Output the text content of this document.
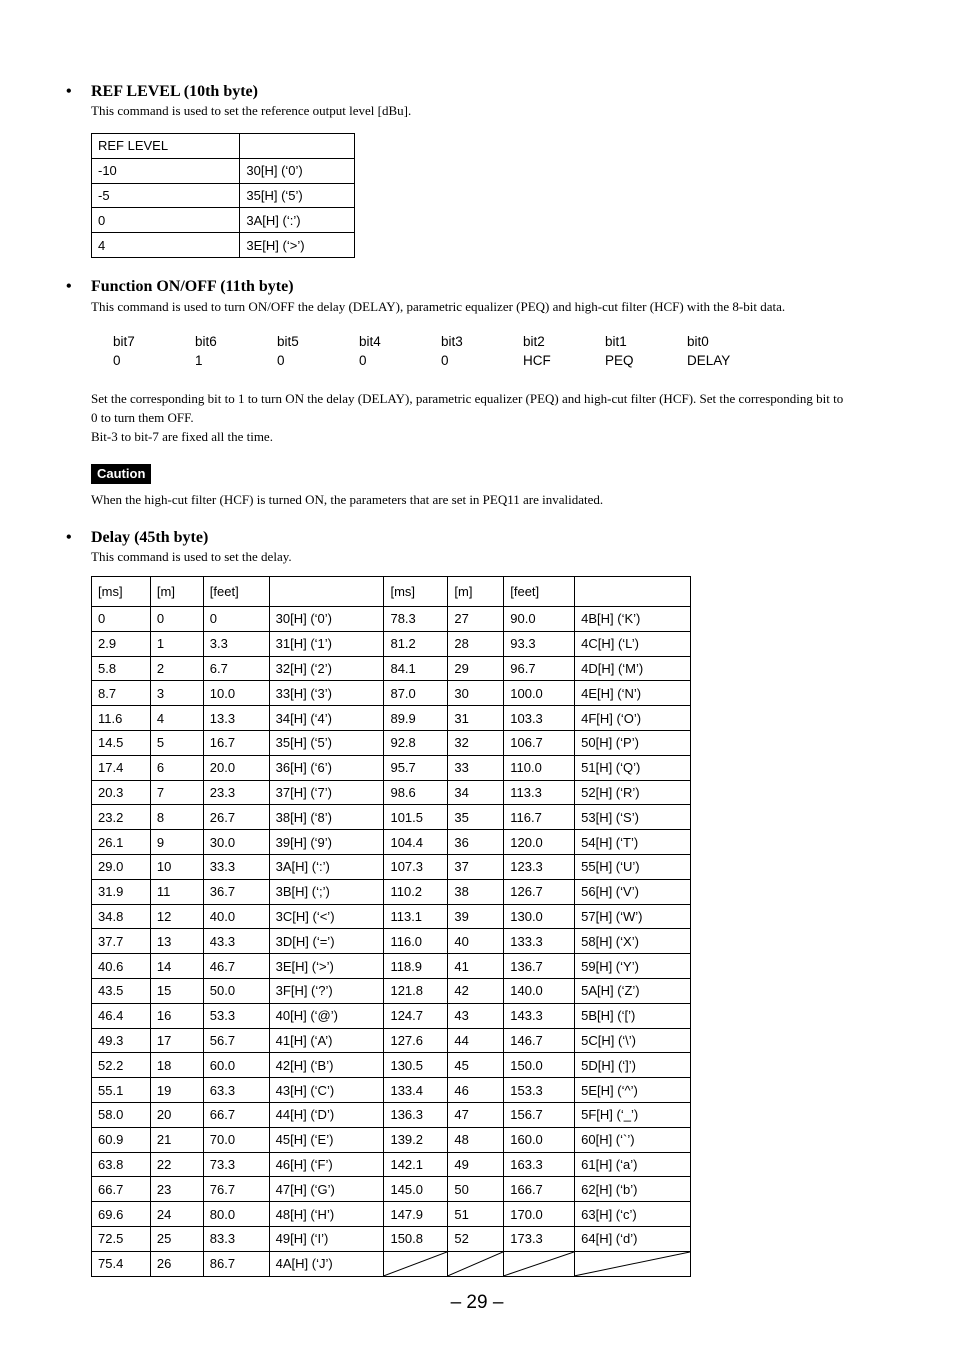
• REF LEVEL (10th byte)
This command is used to set the reference output level [dBu].
REF LEVEL	
-10	30[H] (‘0’)
-5	35[H] (‘5’)
0	3A[H] (‘:’)
4	3E[H] (‘>’)
• Function ON/OFF (11th byte)
This command is used to turn ON/OFF the delay (DELAY), parametric equalizer (PEQ) and high-cut filter (HCF) with the 8-bit data.
bit7	bit6	bit5	bit4	bit3	bit2	bit1	bit0
0	1	0	0	0	HCF	PEQ	DELAY
Set the corresponding bit to 1 to turn ON the delay (DELAY), parametric equalizer (PEQ) and high-cut filter (HCF). Set the corresponding bit to 0 to turn them OFF.
Bit-3 to bit-7 are fixed all the time.
Caution
When the high-cut filter (HCF) is turned ON, the parameters that are set in PEQ11 are invalidated.
• Delay (45th byte)
This command is used to set the delay.
[ms]	[m]	[feet]		[ms]	[m]	[feet]	
0	0	0	30[H] (‘0’)	78.3	27	90.0	4B[H] (‘K’)
2.9	1	3.3	31[H] (‘1’)	81.2	28	93.3	4C[H] (‘L’)
5.8	2	6.7	32[H] (‘2’)	84.1	29	96.7	4D[H] (‘M’)
8.7	3	10.0	33[H] (‘3’)	87.0	30	100.0	4E[H] (‘N’)
11.6	4	13.3	34[H] (‘4’)	89.9	31	103.3	4F[H] (‘O’)
14.5	5	16.7	35[H] (‘5’)	92.8	32	106.7	50[H] (‘P’)
17.4	6	20.0	36[H] (‘6’)	95.7	33	110.0	51[H] (‘Q’)
20.3	7	23.3	37[H] (‘7’)	98.6	34	113.3	52[H] (‘R’)
23.2	8	26.7	38[H] (‘8’)	101.5	35	116.7	53[H] (‘S’)
26.1	9	30.0	39[H] (‘9’)	104.4	36	120.0	54[H] (‘T’)
29.0	10	33.3	3A[H] (‘:’)	107.3	37	123.3	55[H] (‘U’)
31.9	11	36.7	3B[H] (‘;’)	110.2	38	126.7	56[H] (‘V’)
34.8	12	40.0	3C[H] (‘<’)	113.1	39	130.0	57[H] (‘W’)
37.7	13	43.3	3D[H] (‘=’)	116.0	40	133.3	58[H] (‘X’)
40.6	14	46.7	3E[H] (‘>’)	118.9	41	136.7	59[H] (‘Y’)
43.5	15	50.0	3F[H] (‘?’)	121.8	42	140.0	5A[H] (‘Z’)
46.4	16	53.3	40[H] (‘@’)	124.7	43	143.3	5B[H] (‘[’)
49.3	17	56.7	41[H] (‘A’)	127.6	44	146.7	5C[H] (‘\’)
52.2	18	60.0	42[H] (‘B’)	130.5	45	150.0	5D[H] (‘]’)
55.1	19	63.3	43[H] (‘C’)	133.4	46	153.3	5E[H] (‘^’)
58.0	20	66.7	44[H] (‘D’)	136.3	47	156.7	5F[H] (‘_’)
60.9	21	70.0	45[H] (‘E’)	139.2	48	160.0	60[H] (‘`’)
63.8	22	73.3	46[H] (‘F’)	142.1	49	163.3	61[H] (‘a’)
66.7	23	76.7	47[H] (‘G’)	145.0	50	166.7	62[H] (‘b’)
69.6	24	80.0	48[H] (‘H’)	147.9	51	170.0	63[H] (‘c’)
72.5	25	83.3	49[H] (‘I’)	150.8	52	173.3	64[H] (‘d’)
75.4	26	86.7	4A[H] (‘J’)	

– 29 –
